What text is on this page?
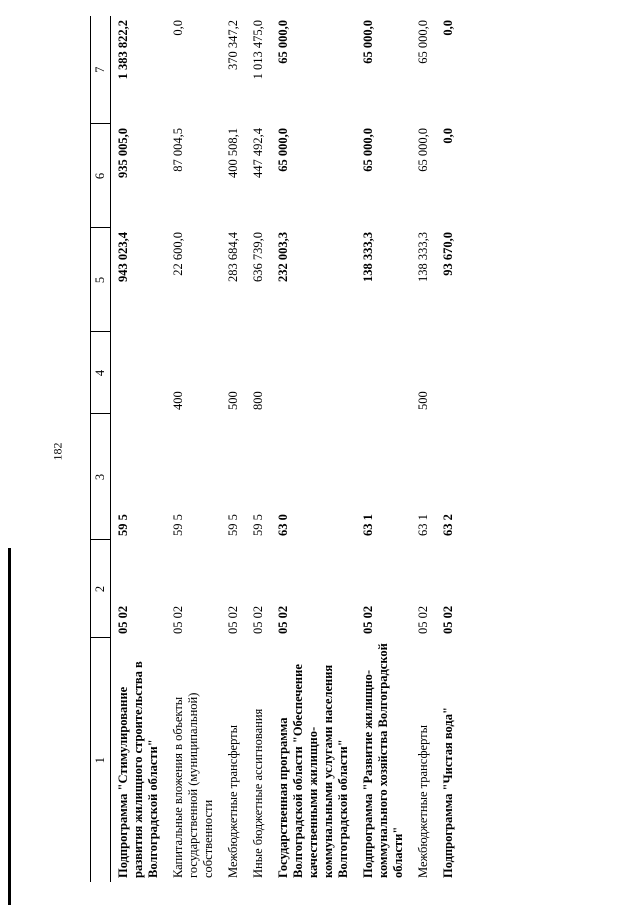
182
1	2	3	4	5	6	7
Подпрограмма "Стимулирование развития жилищного строительства в Волгоградской области"	05 02	59 5		943 023,4	935 005,0	1 383 822,2
Капитальные вложения в объекты государственной (муниципальной) собственности	05 02	59 5	400	22 600,0	87 004,5	0,0
Межбюджетные трансферты	05 02	59 5	500	283 684,4	400 508,1	370 347,2
Иные бюджетные ассигнования	05 02	59 5	800	636 739,0	447 492,4	1 013 475,0
Государственная программа Волгоградской области "Обеспечение качественными жилищно-коммунальными услугами населения Волгоградской области"	05 02	63 0		232 003,3	65 000,0	65 000,0
Подпрограмма "Развитие жилищно-коммунального хозяйства Волгоградской области"	05 02	63 1		138 333,3	65 000,0	65 000,0
Межбюджетные трансферты	05 02	63 1	500	138 333,3	65 000,0	65 000,0
Подпрограмма "Чистая вода"	05 02	63 2		93 670,0	0,0	0,0
